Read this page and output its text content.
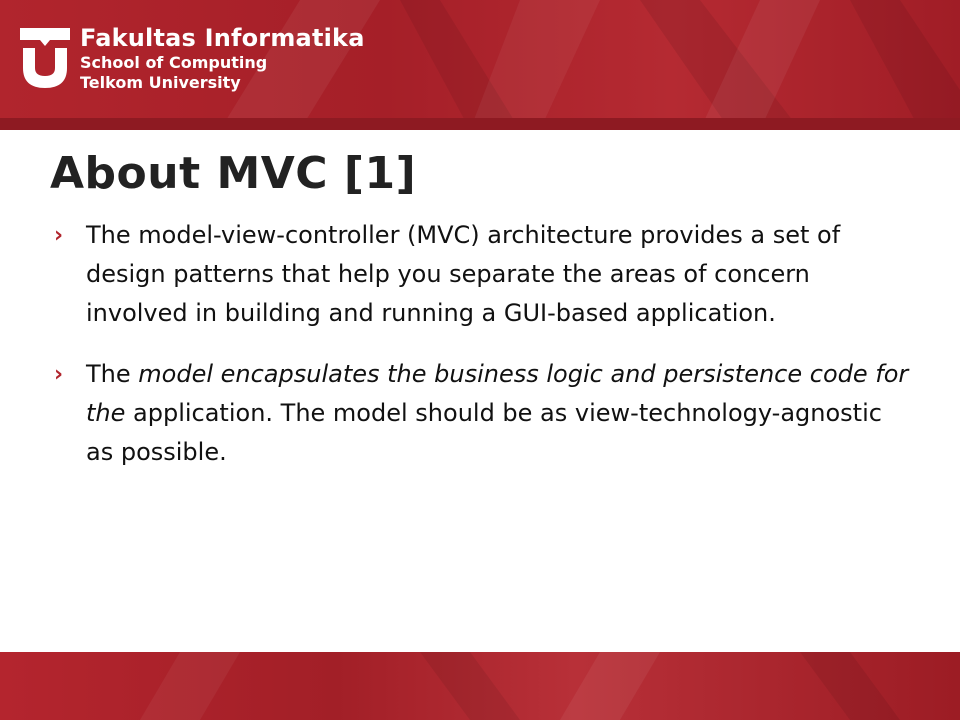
Fakultas Informatika
School of Computing
Telkom University
About MVC [1]

› The model-view-controller (MVC) architecture provides a set of design patterns that help you separate the areas of concern involved in building and running a GUI-based application.

› The model encapsulates the business logic and persistence code for the application. The model should be as view-technology-agnostic as possible.
